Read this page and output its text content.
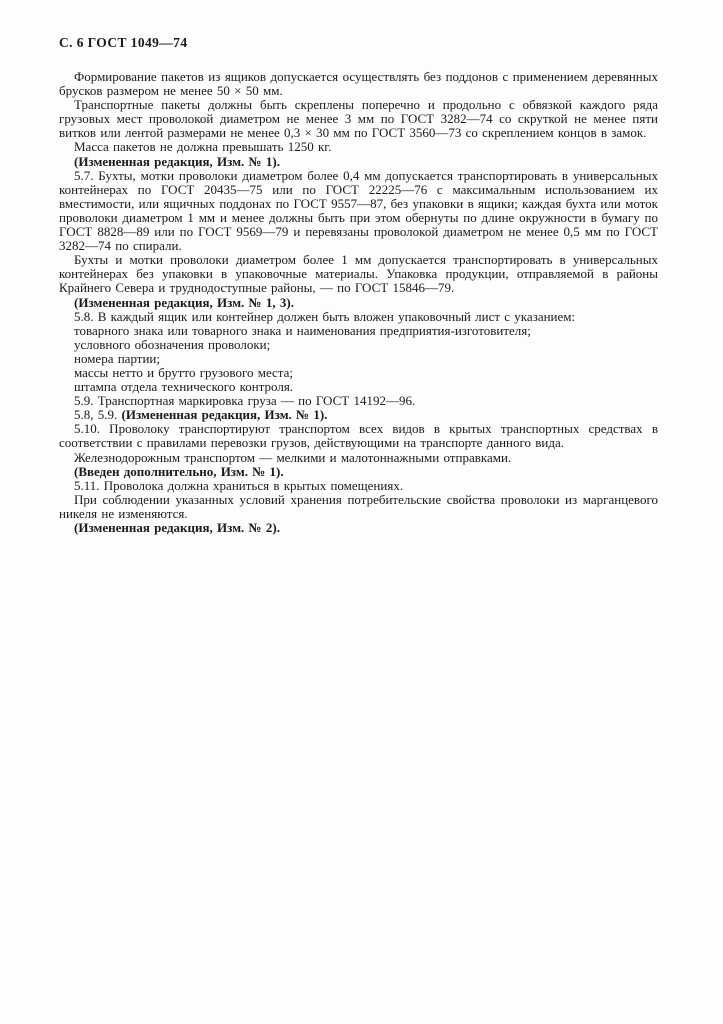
С. 6 ГОСТ 1049—74

Формирование пакетов из ящиков допускается осуществлять без поддонов с применением деревянных брусков размером не менее 50 × 50 мм.

Транспортные пакеты должны быть скреплены поперечно и продольно с обвязкой каждого ряда грузовых мест проволокой диаметром не менее 3 мм по ГОСТ 3282—74 со скруткой не менее пяти витков или лентой размерами не менее 0,3 × 30 мм по ГОСТ 3560—73 со скреплением концов в замок.

Масса пакетов не должна превышать 1250 кг.

(Измененная редакция, Изм. № 1).

5.7. Бухты, мотки проволоки диаметром более 0,4 мм допускается транспортировать в универсальных контейнерах по ГОСТ 20435—75 или по ГОСТ 22225—76 с максимальным использованием их вместимости, или ящичных поддонах по ГОСТ 9557—87, без упаковки в ящики; каждая бухта или моток проволоки диаметром 1 мм и менее должны быть при этом обернуты по длине окружности в бумагу по ГОСТ 8828—89 или по ГОСТ 9569—79 и перевязаны проволокой диаметром не менее 0,5 мм по ГОСТ 3282—74 по спирали.

Бухты и мотки проволоки диаметром более 1 мм допускается транспортировать в универсальных контейнерах без упаковки в упаковочные материалы. Упаковка продукции, отправляемой в районы Крайнего Севера и труднодоступные районы, — по ГОСТ 15846—79.

(Измененная редакция, Изм. № 1, 3).

5.8. В каждый ящик или контейнер должен быть вложен упаковочный лист с указанием:

товарного знака или товарного знака и наименования предприятия-изготовителя;

условного обозначения проволоки;

номера партии;

массы нетто и брутто грузового места;

штампа отдела технического контроля.

5.9. Транспортная маркировка груза — по ГОСТ 14192—96.

5.8, 5.9. (Измененная редакция, Изм. № 1).

5.10. Проволоку транспортируют транспортом всех видов в крытых транспортных средствах в соответствии с правилами перевозки грузов, действующими на транспорте данного вида.

Железнодорожным транспортом — мелкими и малотоннажными отправками.

(Введен дополнительно, Изм. № 1).

5.11. Проволока должна храниться в крытых помещениях.

При соблюдении указанных условий хранения потребительские свойства проволоки из марганцевого никеля не изменяются.

(Измененная редакция, Изм. № 2).
